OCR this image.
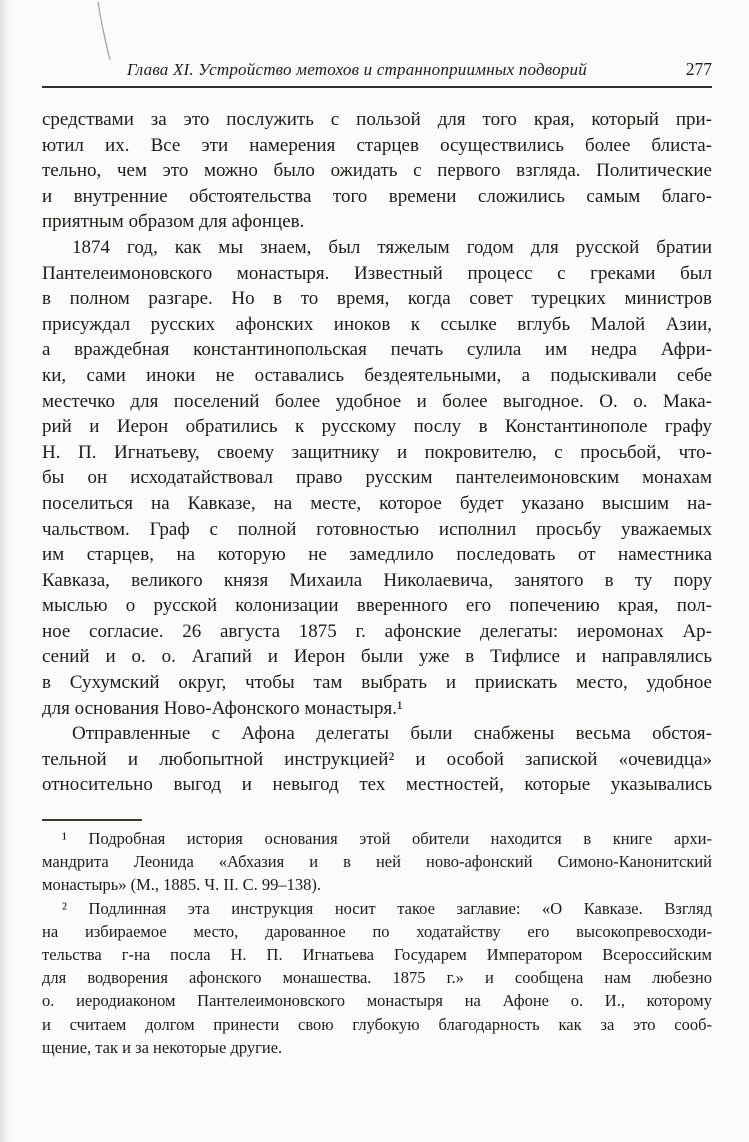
Глава XI. Устройство метохов и странноприимных подворий	277
средствами за это послужить с пользой для того края, который при-
ютил их. Все эти намерения старцев осуществились более блиста-
тельно, чем это можно было ожидать с первого взгляда. Политические
и внутренние обстоятельства того времени сложились самым благо-
приятным образом для афонцев.
1874 год, как мы знаем, был тяжелым годом для русской братии
Пантелеимоновского монастыря. Известный процесс с греками был
в полном разгаре. Но в то время, когда совет турецких министров
присуждал русских афонских иноков к ссылке вглубь Малой Азии,
а враждебная константинопольская печать сулила им недра Афри-
ки, сами иноки не оставались бездеятельными, а подыскивали себе
местечко для поселений более удобное и более выгодное. О. о. Мака-
рий и Иерон обратились к русскому послу в Константинополе графу
Н. П. Игнатьеву, своему защитнику и покровителю, с просьбой, что-
бы он исходатайствовал право русским пантелеимоновским монахам
поселиться на Кавказе, на месте, которое будет указано высшим на-
чальством. Граф с полной готовностью исполнил просьбу уважаемых
им старцев, на которую не замедлило последовать от наместника
Кавказа, великого князя Михаила Николаевича, занятого в ту пору
мыслью о русской колонизации вверенного его попечению края, пол-
ное согласие. 26 августа 1875 г. афонские делегаты: иеромонах Ар-
сений и о. о. Агапий и Иерон были уже в Тифлисе и направлялись
в Сухумский округ, чтобы там выбрать и приискать место, удобное
для основания Ново-Афонского монастыря.¹
Отправленные с Афона делегаты были снабжены весьма обстоя-
тельной и любопытной инструкцией² и особой запиской «очевидца»
относительно выгод и невыгод тех местностей, которые указывались
¹ Подробная история основания этой обители находится в книге архи-
мандрита Леонида «Абхазия и в ней ново-афонский Симоно-Канонитский
монастырь» (М., 1885. Ч. II. С. 99–138).
² Подлинная эта инструкция носит такое заглавие: «О Кавказе. Взгляд
на избираемое место, дарованное по ходатайству его высокопревосходи-
тельства г-на посла Н. П. Игнатьева Государем Императором Всероссийским
для водворения афонского монашества. 1875 г.» и сообщена нам любезно
о. иеродиаконом Пантелеимоновского монастыря на Афоне о. И., которому
и считаем долгом принести свою глубокую благодарность как за это сооб-
щение, так и за некоторые другие.
